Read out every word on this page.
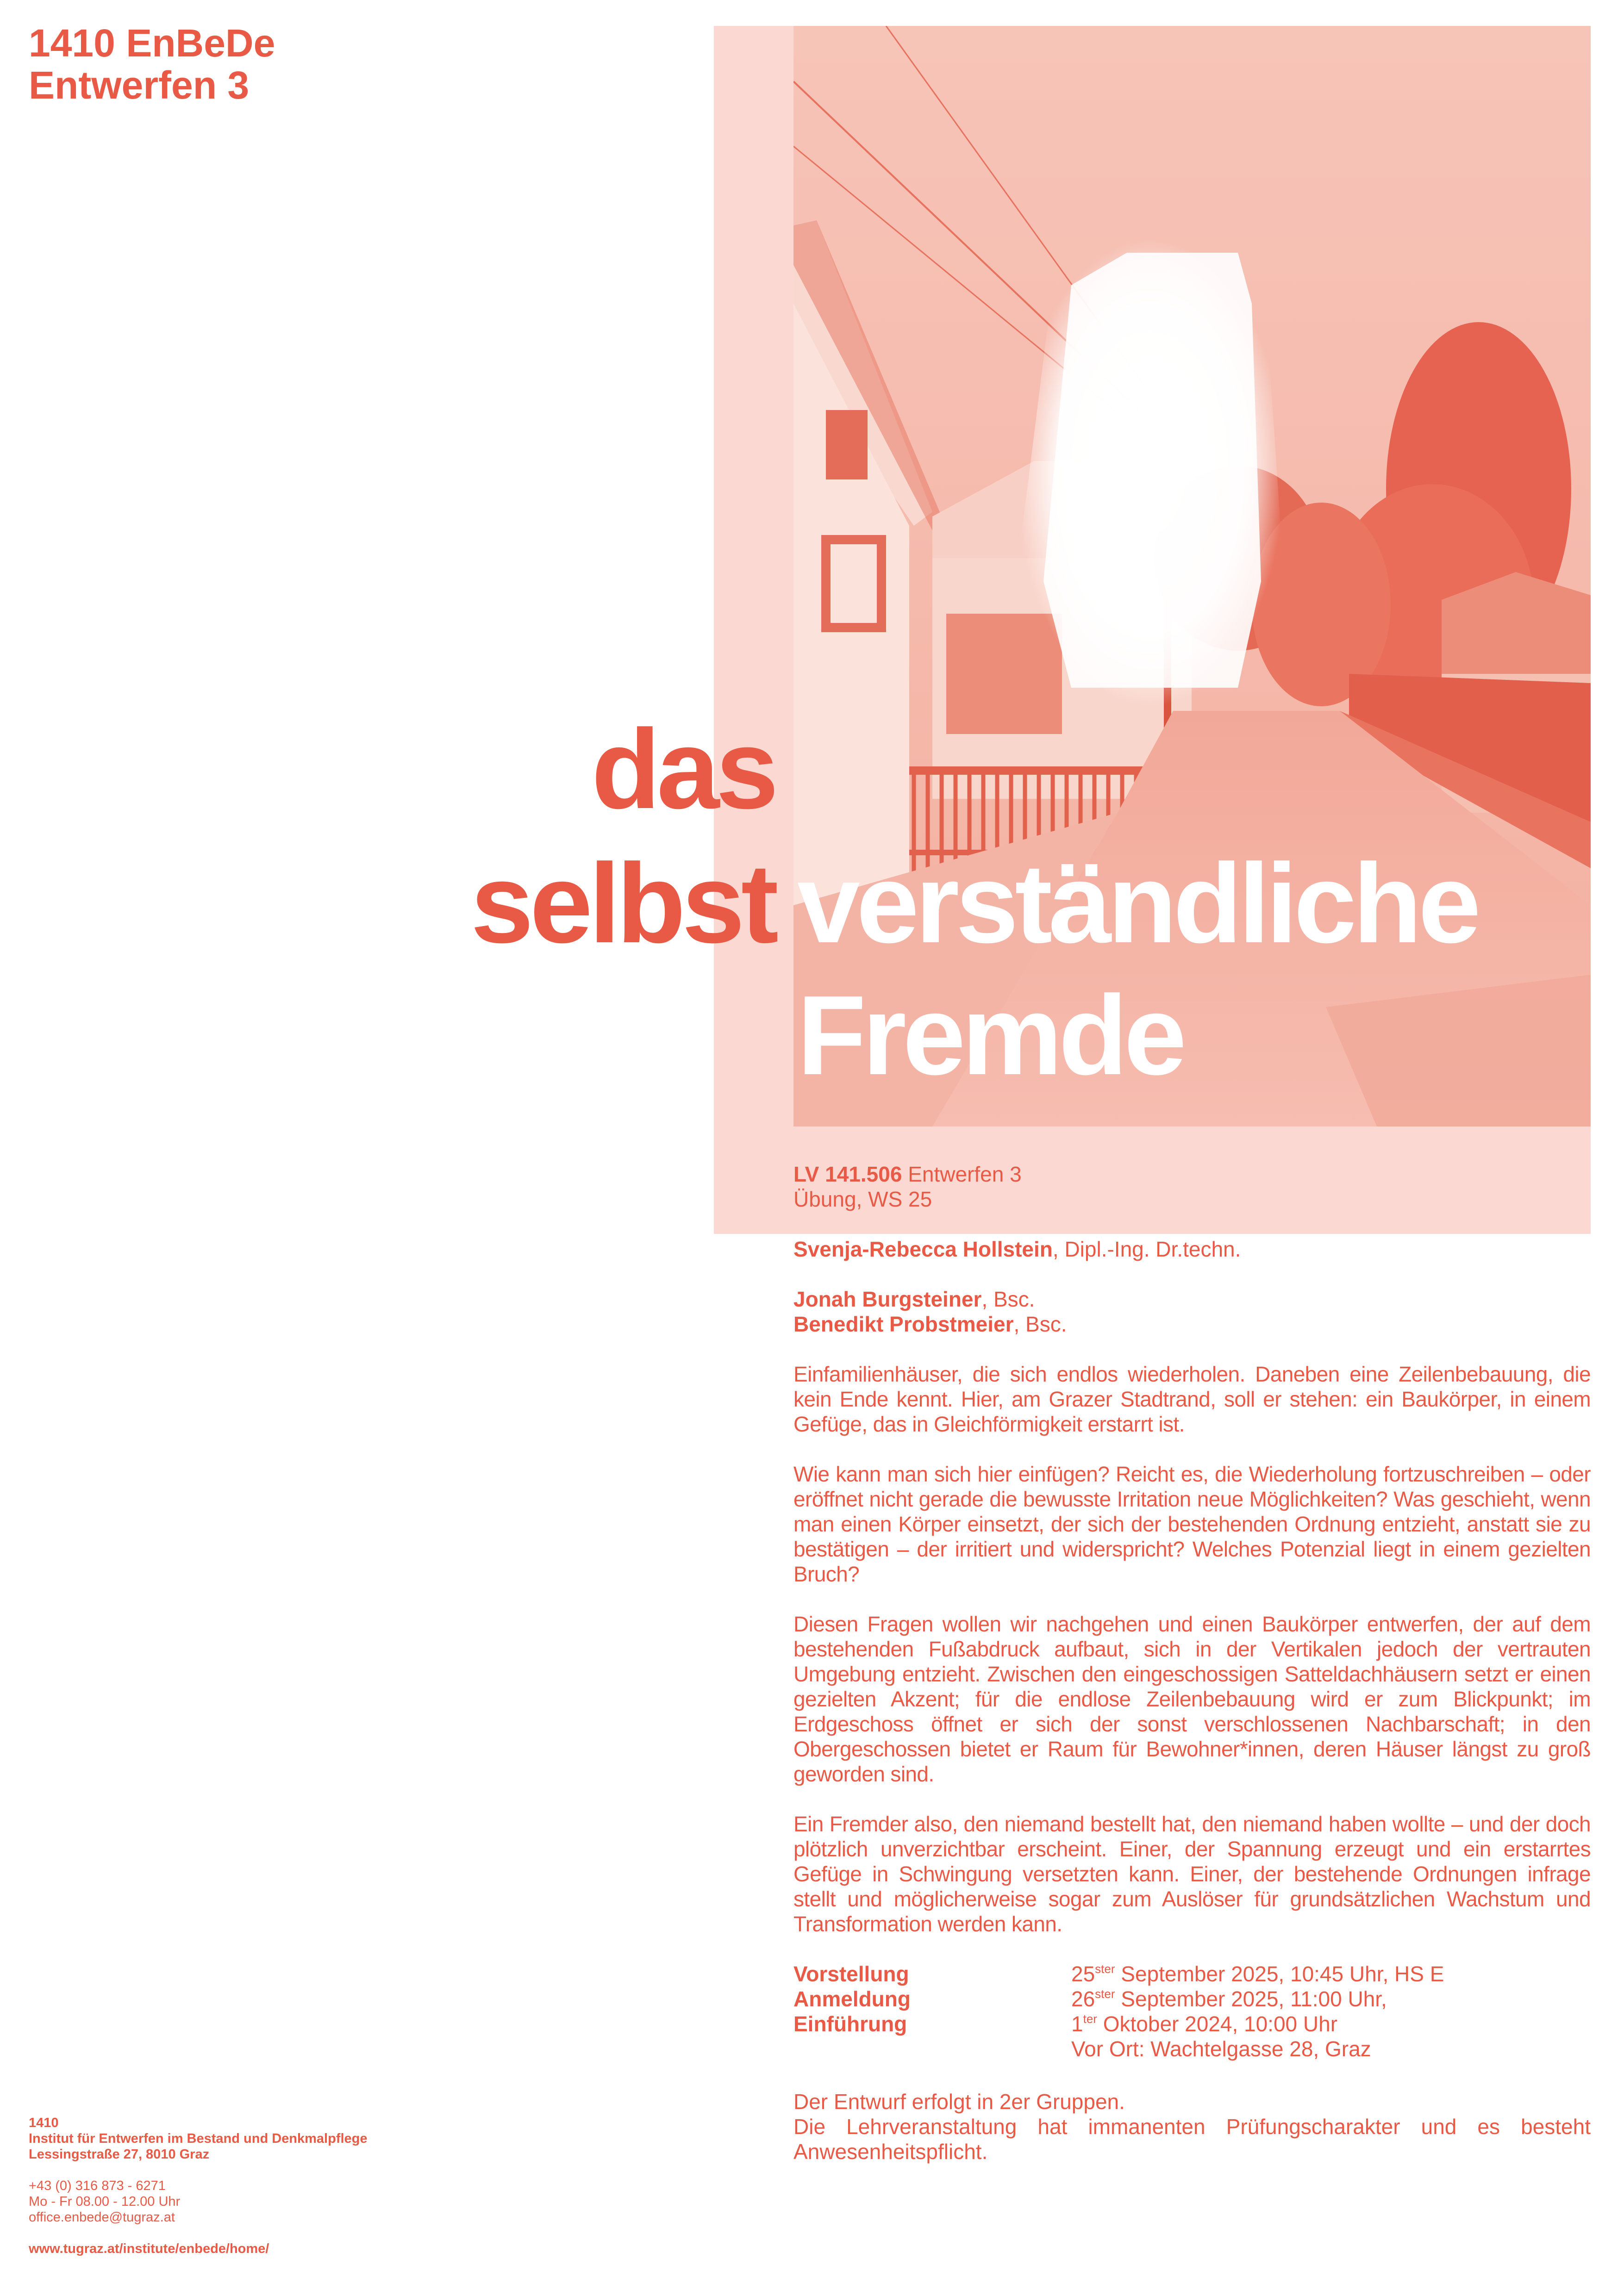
1410 EnBeDe
Entwerfen 3
das
selbst verständliche
Fremde
LV 141.506 Entwerfen 3
Übung, WS 25
Svenja-Rebecca Hollstein, Dipl.-Ing. Dr.techn.
Jonah Burgsteiner, Bsc.
Benedikt Probstmeier, Bsc.

Einfamilienhäuser, die sich endlos wiederholen. Daneben eine Zeilenbebauung, die kein Ende kennt. Hier, am Grazer Stadtrand, soll er stehen: ein Baukörper, in einem Gefüge, das in Gleichförmigkeit erstarrt ist.

Wie kann man sich hier einfügen? Reicht es, die Wiederholung fortzuschreiben – oder eröffnet nicht gerade die bewusste Irritation neue Möglichkeiten? Was geschieht, wenn man einen Körper einsetzt, der sich der bestehenden Ordnung entzieht, anstatt sie zu bestätigen – der irritiert und widerspricht? Welches Potenzial liegt in einem gezielten Bruch?

Diesen Fragen wollen wir nachgehen und einen Baukörper entwerfen, der auf dem bestehenden Fußabdruck aufbaut, sich in der Vertikalen jedoch der vertrauten Umgebung entzieht. Zwischen den eingeschossigen Satteldachhäusern setzt er einen gezielten Akzent; für die endlose Zeilenbebauung wird er zum Blickpunkt; im Erdgeschoss öffnet er sich der sonst verschlossenen Nachbarschaft; in den Obergeschossen bietet er Raum für Bewohner*innen, deren Häuser längst zu groß geworden sind.

Ein Fremder also, den niemand bestellt hat, den niemand haben wollte – und der doch plötzlich unverzichtbar erscheint. Einer, der Spannung erzeugt und ein erstarrtes Gefüge in Schwingung versetzten kann. Einer, der bestehende Ordnungen infrage stellt und möglicherweise sogar zum Auslöser für grundsätzlichen Wachstum und Transformation werden kann.

Vorstellung	$25^{ster}$ September 2025, 10:45 Uhr, HS E
Anmeldung	$26^{ster}$ September 2025, 11:00 Uhr,
Einführung	$1^{ter}$ Oktober 2024, 10:00 Uhr
Vor Ort: Wachtelgasse 28, Graz
Der Entwurf erfolgt in 2er Gruppen.
Die Lehrveranstaltung hat immanenten Prüfungscharakter und es besteht Anwesenheitspflicht.
1410
Institut für Entwerfen im Bestand und Denkmalpflege
Lessingstraße 27, 8010 Graz
+43 (0) 316 873 - 6271
Mo - Fr 08.00 - 12.00 Uhr
office.enbede@tugraz.at
www.tugraz.at/institute/enbede/home/
